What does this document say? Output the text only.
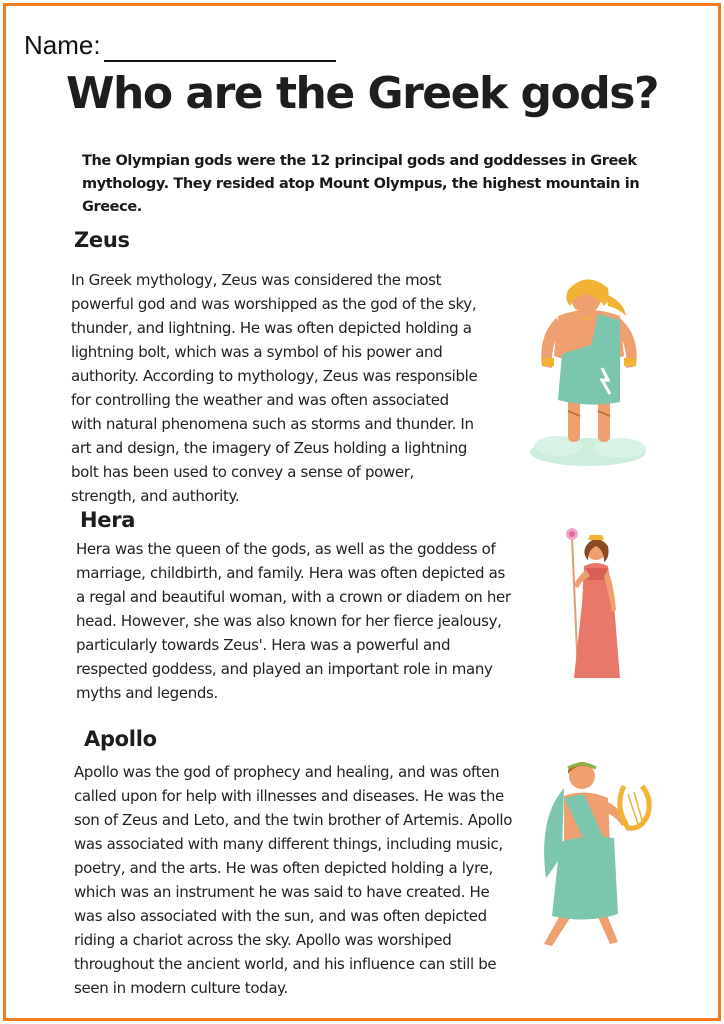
Name:
Who are the Greek gods?
The Olympian gods were the 12 principal gods and goddesses in Greek mythology. They resided atop Mount Olympus, the highest mountain in Greece.
Zeus
In Greek mythology, Zeus was considered the most powerful god and was worshipped as the god of the sky, thunder, and lightning. He was often depicted holding a lightning bolt, which was a symbol of his power and authority. According to mythology, Zeus was responsible for controlling the weather and was often associated with natural phenomena such as storms and thunder. In art and design, the imagery of Zeus holding a lightning bolt has been used to convey a sense of power, strength, and authority.
Hera
Hera was the queen of the gods, as well as the goddess of marriage, childbirth, and family. Hera was often depicted as a regal and beautiful woman, with a crown or diadem on her head. However, she was also known for her fierce jealousy, particularly towards Zeus'. Hera was a powerful and respected goddess, and played an important role in many myths and legends.
Apollo
Apollo was the god of prophecy and healing, and was often called upon for help with illnesses and diseases. He was the son of Zeus and Leto, and the twin brother of Artemis. Apollo was associated with many different things, including music, poetry, and the arts. He was often depicted holding a lyre, which was an instrument he was said to have created. He was also associated with the sun, and was often depicted riding a chariot across the sky. Apollo was worshiped throughout the ancient world, and his influence can still be seen in modern culture today.
